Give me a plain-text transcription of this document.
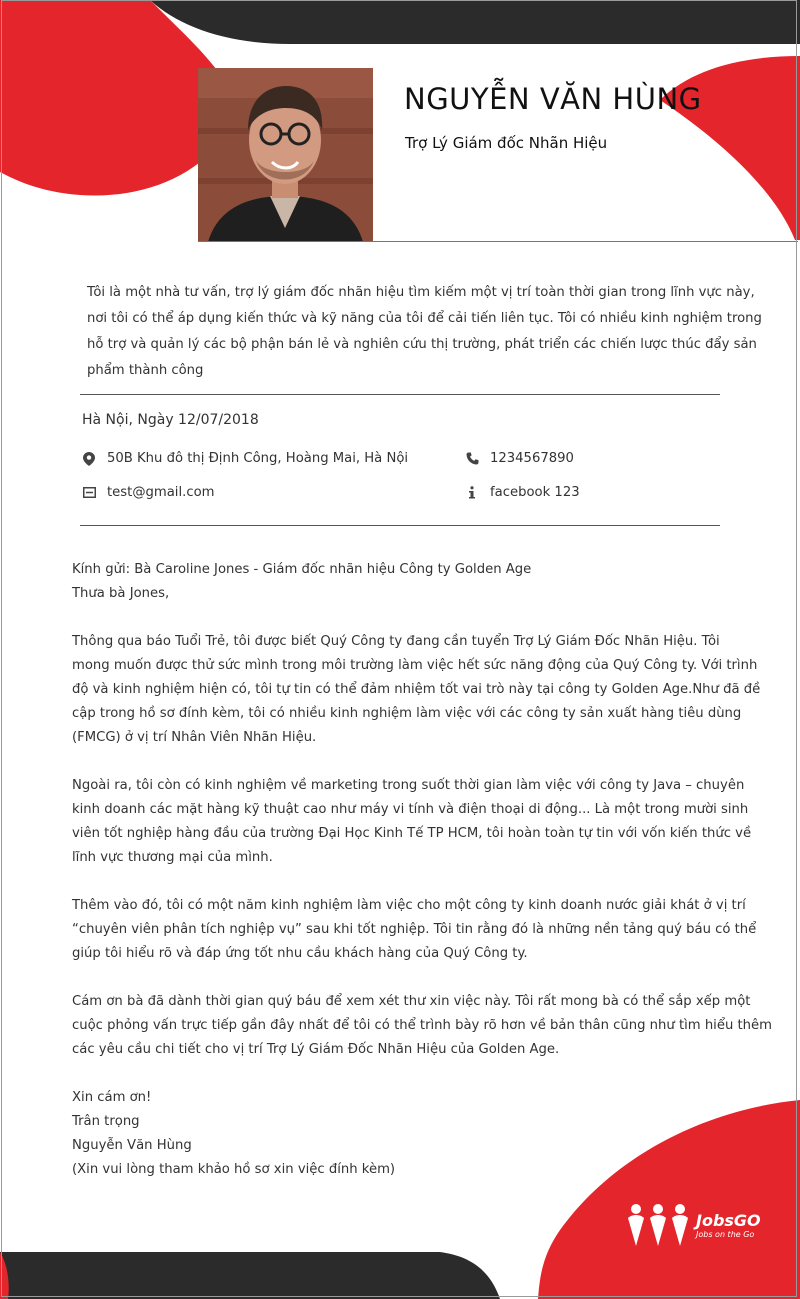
NGUYỄN VĂN HÙNG
Trợ Lý Giám đốc Nhãn Hiệu

Tôi là một nhà tư vấn, trợ lý giám đốc nhãn hiệu tìm kiếm một vị trí toàn thời gian trong lĩnh vực này,

nơi tôi có thể áp dụng kiến thức và kỹ năng của tôi để cải tiến liên tục. Tôi có nhiều kinh nghiệm trong

hỗ trợ và quản lý các bộ phận bán lẻ và nghiên cứu thị trường, phát triển các chiến lược thúc đẩy sản

phẩm thành công

Hà Nội, Ngày 12/07/2018
50B Khu đô thị Định Công, Hoàng Mai, Hà Nội	1234567890
test@gmail.com	facebook 123

Kính gửi: Bà Caroline Jones - Giám đốc nhãn hiệu Công ty Golden Age

Thưa bà Jones,

Thông qua báo Tuổi Trẻ, tôi được biết Quý Công ty đang cần tuyển Trợ Lý Giám Đốc Nhãn Hiệu. Tôi

mong muốn được thử sức mình trong môi trường làm việc hết sức năng động của Quý Công ty. Với trình

độ và kinh nghiệm hiện có, tôi tự tin có thể đảm nhiệm tốt vai trò này tại công ty Golden Age.Như đã đề

cập trong hồ sơ đính kèm, tôi có nhiều kinh nghiệm làm việc với các công ty sản xuất hàng tiêu dùng

(FMCG) ở vị trí Nhân Viên Nhãn Hiệu.

Ngoài ra, tôi còn có kinh nghiệm về marketing trong suốt thời gian làm việc với công ty Java – chuyên

kinh doanh các mặt hàng kỹ thuật cao như máy vi tính và điện thoại di động... Là một trong mười sinh

viên tốt nghiệp hàng đầu của trường Đại Học Kinh Tế TP HCM, tôi hoàn toàn tự tin với vốn kiến thức về

lĩnh vực thương mại của mình.

Thêm vào đó, tôi có một năm kinh nghiệm làm việc cho một công ty kinh doanh nước giải khát ở vị trí

“chuyên viên phân tích nghiệp vụ” sau khi tốt nghiệp. Tôi tin rằng đó là những nền tảng quý báu có thể

giúp tôi hiểu rõ và đáp ứng tốt nhu cầu khách hàng của Quý Công ty.

Cám ơn bà đã dành thời gian quý báu để xem xét thư xin việc này. Tôi rất mong bà có thể sắp xếp một

cuộc phỏng vấn trực tiếp gần đây nhất để tôi có thể trình bày rõ hơn về bản thân cũng như tìm hiểu thêm

các yêu cầu chi tiết cho vị trí Trợ Lý Giám Đốc Nhãn Hiệu của Golden Age.

Xin cám ơn!

Trân trọng

Nguyễn Văn Hùng

(Xin vui lòng tham khảo hồ sơ xin việc đính kèm)

JobsGO
Jobs on the Go
